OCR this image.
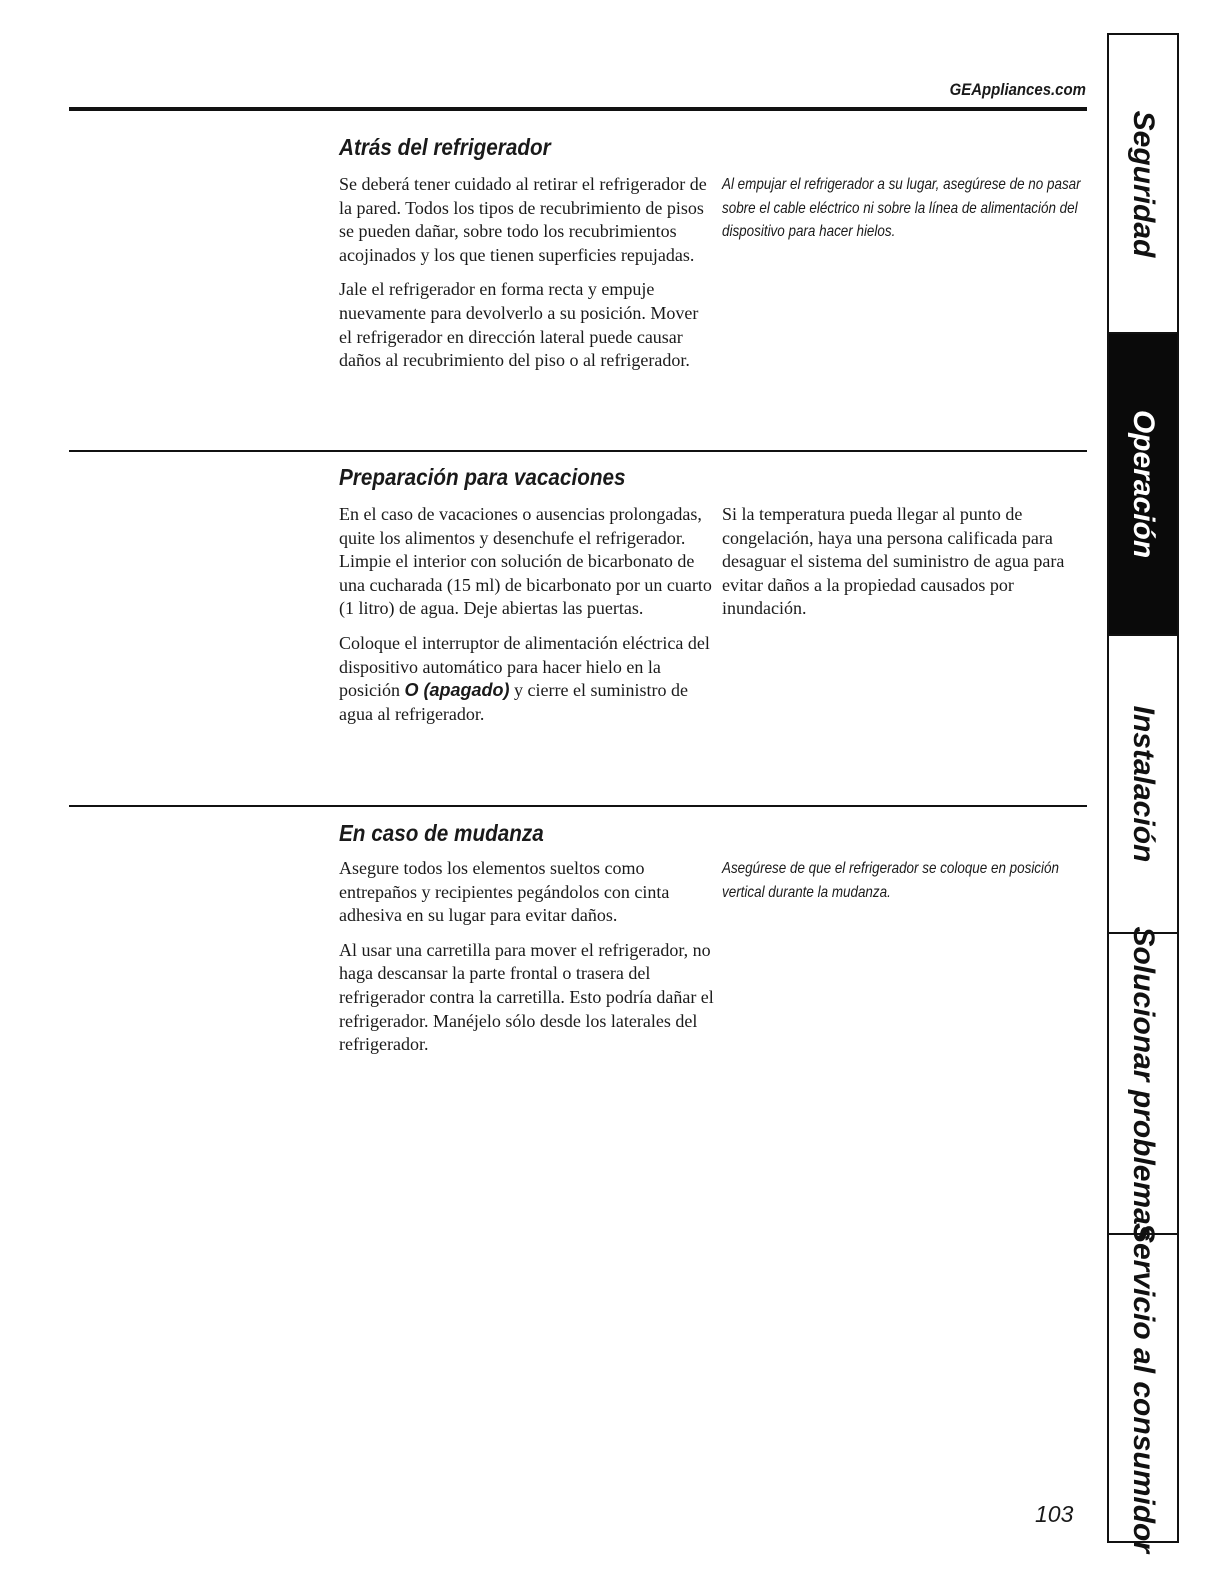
GEAppliances.com
Atrás del refrigerador

Se deberá tener cuidado al retirar el refrigerador de la pared. Todos los tipos de recubrimiento de pisos se pueden dañar, sobre todo los recubrimientos acojinados y los que tienen superficies repujadas.

Jale el refrigerador en forma recta y empuje nuevamente para devolverlo a su posición. Mover el refrigerador en dirección lateral puede causar daños al recubrimiento del piso o al refrigerador.

Al empujar el refrigerador a su lugar, asegúrese de no pasar sobre el cable eléctrico ni sobre la línea de alimentación del dispositivo para hacer hielos.
Preparación para vacaciones

En el caso de vacaciones o ausencias prolongadas, quite los alimentos y desenchufe el refrigerador. Limpie el interior con solución de bicarbonato de una cucharada (15 ml) de bicarbonato por un cuarto (1 litro) de agua. Deje abiertas las puertas.

Coloque el interruptor de alimentación eléctrica del dispositivo automático para hacer hielo en la posición O (apagado) y cierre el suministro de agua al refrigerador.

Si la temperatura pueda llegar al punto de congelación, haya una persona calificada para desaguar el sistema del suministro de agua para evitar daños a la propiedad causados por inundación.
En caso de mudanza

Asegure todos los elementos sueltos como entrepaños y recipientes pegándolos con cinta adhesiva en su lugar para evitar daños.

Al usar una carretilla para mover el refrigerador, no haga descansar la parte frontal o trasera del refrigerador contra la carretilla. Esto podría dañar el refrigerador. Manéjelo sólo desde los laterales del refrigerador.

Asegúrese de que el refrigerador se coloque en posición vertical durante la mudanza.
Seguridad
Operación
Instalación
Solucionar problemas
Servicio al consumidor
103
